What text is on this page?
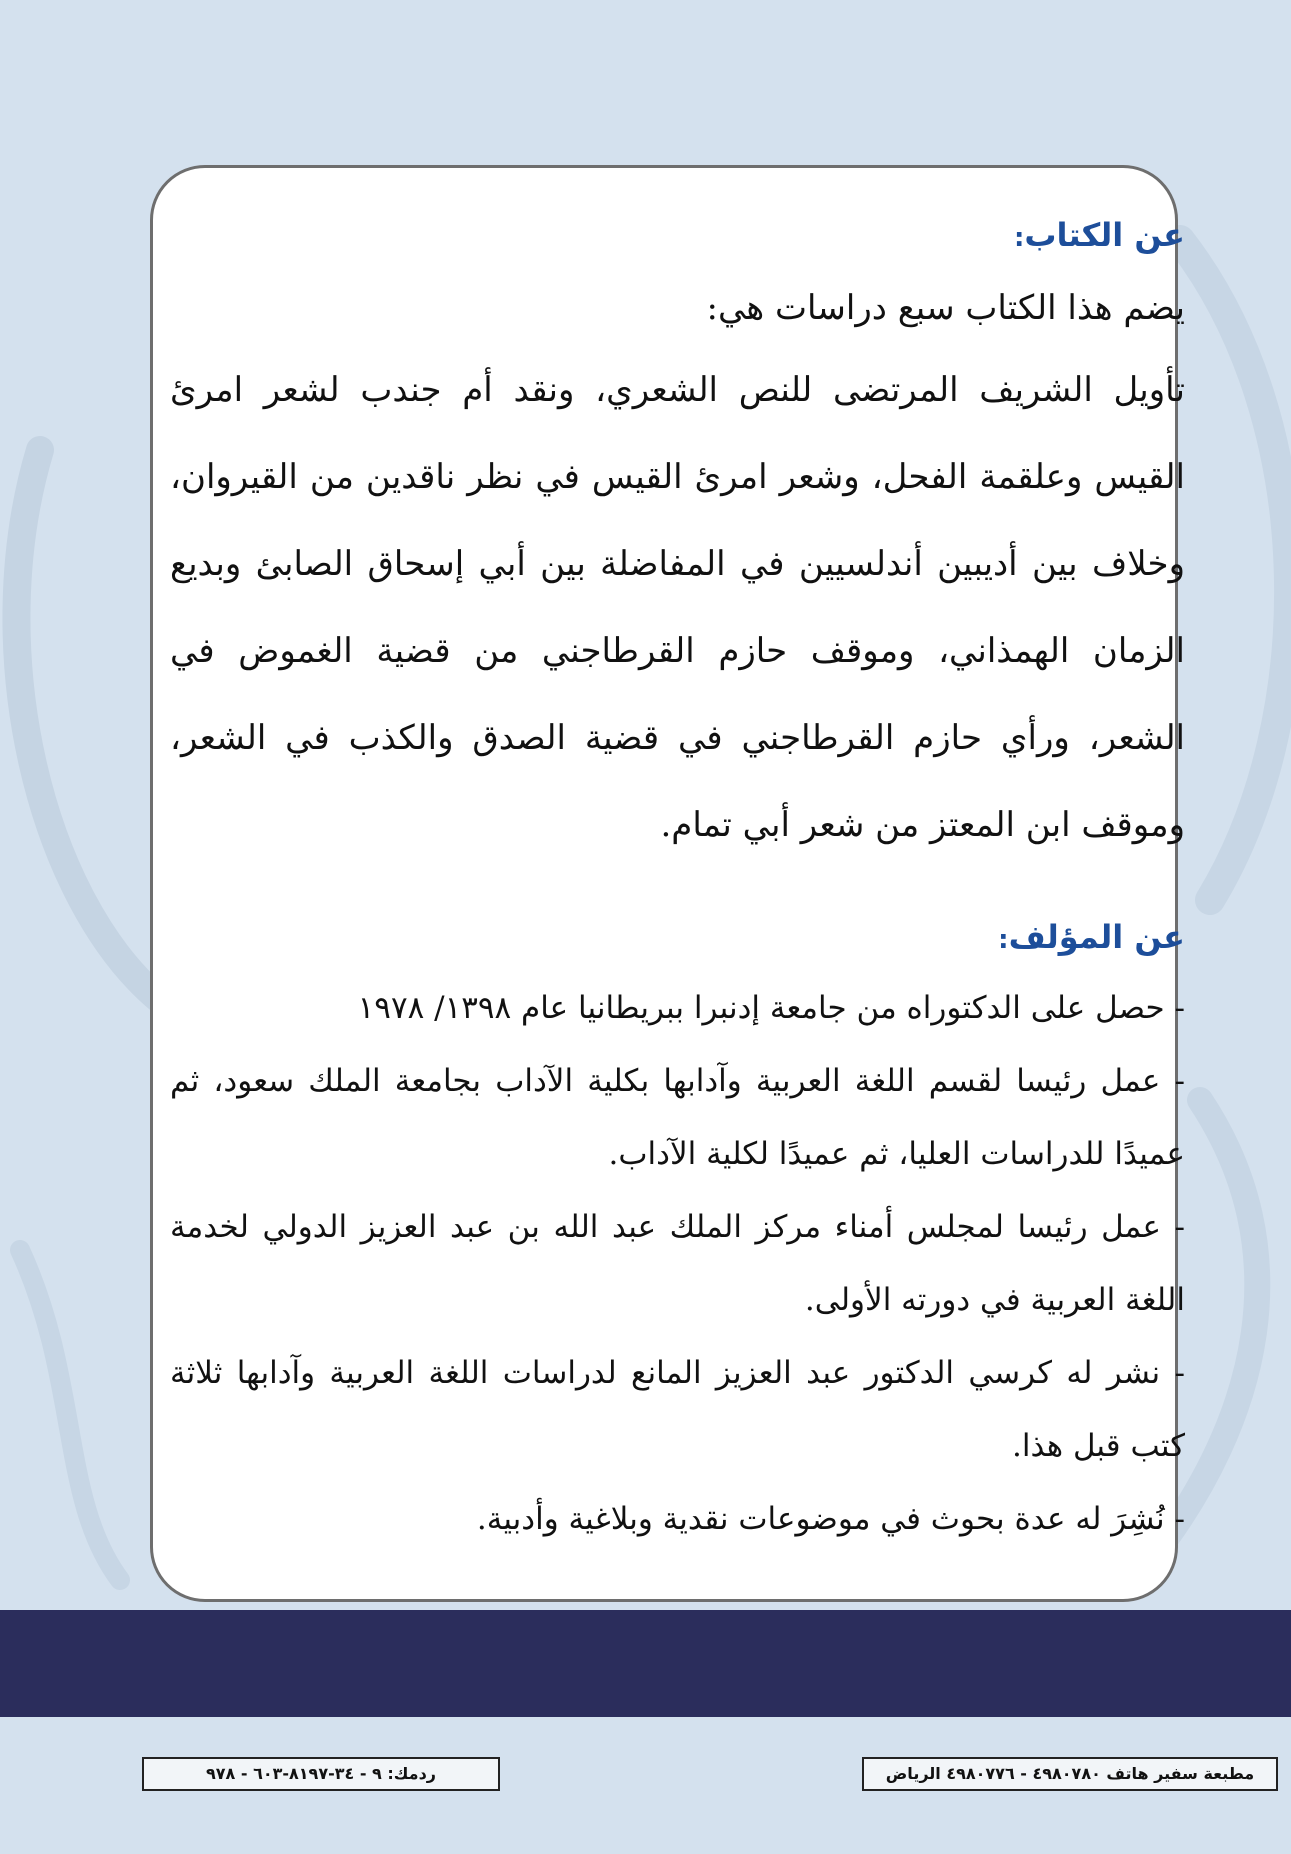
عن الكتاب:

يضم هذا الكتاب سبع دراسات هي:

تأويل الشريف المرتضى للنص الشعري، ونقد أم جندب لشعر امرئ القيس وعلقمة الفحل، وشعر امرئ القيس في نظر ناقدين من القيروان، وخلاف بين أديبين أندلسيين في المفاضلة بين أبي إسحاق الصابئ وبديع الزمان الهمذاني، وموقف حازم القرطاجني من قضية الغموض في الشعر، ورأي حازم القرطاجني في قضية الصدق والكذب في الشعر، وموقف ابن المعتز من شعر أبي تمام.

عن المؤلف:

- حصل على الدكتوراه من جامعة إدنبرا ببريطانيا عام ١٣٩٨/ ١٩٧٨

- عمل رئيسا لقسم اللغة العربية وآدابها بكلية الآداب بجامعة الملك سعود، ثم عميدًا للدراسات العليا، ثم عميدًا لكلية الآداب.

- عمل رئيسا لمجلس أمناء مركز الملك عبد الله بن عبد العزيز الدولي لخدمة اللغة العربية في دورته الأولى.

- نشر له كرسي الدكتور عبد العزيز المانع لدراسات اللغة العربية وآدابها ثلاثة كتب قبل هذا.

- نُشِرَ له عدة بحوث في موضوعات نقدية وبلاغية وأدبية.

ردمك: ٩ - ٣٤-٨١٩٧-٦٠٣ - ٩٧٨	مطبعة سفير هاتف ٤٩٨٠٧٨٠ - ٤٩٨٠٧٧٦ الرياض
